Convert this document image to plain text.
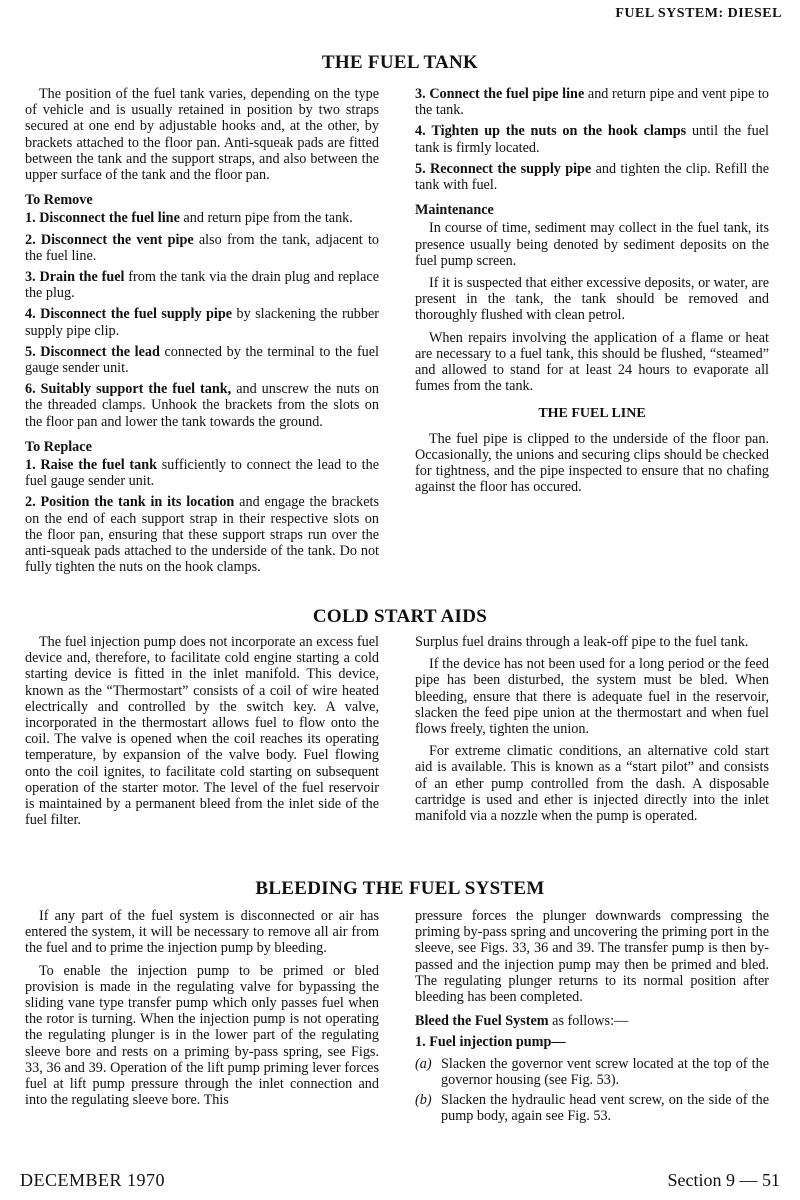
FUEL SYSTEM: DIESEL
THE FUEL TANK

The position of the fuel tank varies, depending on the type of vehicle and is usually retained in position by two straps secured at one end by adjustable hooks and, at the other, by brackets attached to the floor pan. Anti-squeak pads are fitted between the tank and the support straps, and also between the upper surface of the tank and the floor pan.

To Remove
1. Disconnect the fuel line and return pipe from the tank.
2. Disconnect the vent pipe also from the tank, adjacent to the fuel line.
3. Drain the fuel from the tank via the drain plug and replace the plug.
4. Disconnect the fuel supply pipe by slackening the rubber supply pipe clip.
5. Disconnect the lead connected by the terminal to the fuel gauge sender unit.
6. Suitably support the fuel tank, and unscrew the nuts on the threaded clamps. Unhook the brackets from the slots on the floor pan and lower the tank towards the ground.
To Replace
1. Raise the fuel tank sufficiently to connect the lead to the fuel gauge sender unit.
2. Position the tank in its location and engage the brackets on the end of each support strap in their respective slots on the floor pan, ensuring that these support straps run over the anti-squeak pads attached to the underside of the tank. Do not fully tighten the nuts on the hook clamps.
3. Connect the fuel pipe line and return pipe and vent pipe to the tank.
4. Tighten up the nuts on the hook clamps until the fuel tank is firmly located.
5. Reconnect the supply pipe and tighten the clip. Refill the tank with fuel.
Maintenance

In course of time, sediment may collect in the fuel tank, its presence usually being denoted by sediment deposits on the fuel pump screen.

If it is suspected that either excessive deposits, or water, are present in the tank, the tank should be removed and thoroughly flushed with clean petrol.

When repairs involving the application of a flame or heat are necessary to a fuel tank, this should be flushed, “steamed” and allowed to stand for at least 24 hours to evaporate all fumes from the tank.

THE FUEL LINE

The fuel pipe is clipped to the underside of the floor pan. Occasionally, the unions and securing clips should be checked for tightness, and the pipe inspected to ensure that no chafing against the floor has occured.

COLD START AIDS

The fuel injection pump does not incorporate an excess fuel device and, therefore, to facilitate cold engine starting a cold starting device is fitted in the inlet manifold. This device, known as the “Thermostart” consists of a coil of wire heated electrically and controlled by the switch key. A valve, incorporated in the thermostart allows fuel to flow onto the coil. The valve is opened when the coil reaches its operating temperature, by expansion of the valve body. Fuel flowing onto the coil ignites, to facilitate cold starting on subsequent operation of the starter motor. The level of the fuel reservoir is maintained by a permanent bleed from the inlet side of the fuel filter.

Surplus fuel drains through a leak-off pipe to the fuel tank.

If the device has not been used for a long period or the feed pipe has been disturbed, the system must be bled. When bleeding, ensure that there is adequate fuel in the reservoir, slacken the feed pipe union at the thermostart and when fuel flows freely, tighten the union.

For extreme climatic conditions, an alternative cold start aid is available. This is known as a “start pilot” and consists of an ether pump controlled from the dash. A disposable cartridge is used and ether is injected directly into the inlet manifold via a nozzle when the pump is operated.

BLEEDING THE FUEL SYSTEM

If any part of the fuel system is disconnected or air has entered the system, it will be necessary to remove all air from the fuel and to prime the injection pump by bleeding.

To enable the injection pump to be primed or bled provision is made in the regulating valve for bypassing the sliding vane type transfer pump which only passes fuel when the rotor is turning. When the injection pump is not operating the regulating plunger is in the lower part of the regulating sleeve bore and rests on a priming by-pass spring, see Figs. 33, 36 and 39. Operation of the lift pump priming lever forces fuel at lift pump pressure through the inlet connection and into the regulating sleeve bore. This

pressure forces the plunger downwards compressing the priming by-pass spring and uncovering the priming port in the sleeve, see Figs. 33, 36 and 39. The transfer pump is then by-passed and the injection pump may then be primed and bled. The regulating plunger returns to its normal position after bleeding has been completed.

Bleed the Fuel System as follows:—
1. Fuel injection pump—
(a) Slacken the governor vent screw located at the top of the governor housing (see Fig. 53).
(b) Slacken the hydraulic head vent screw, on the side of the pump body, again see Fig. 53.
DECEMBER 1970	Section 9 — 51
